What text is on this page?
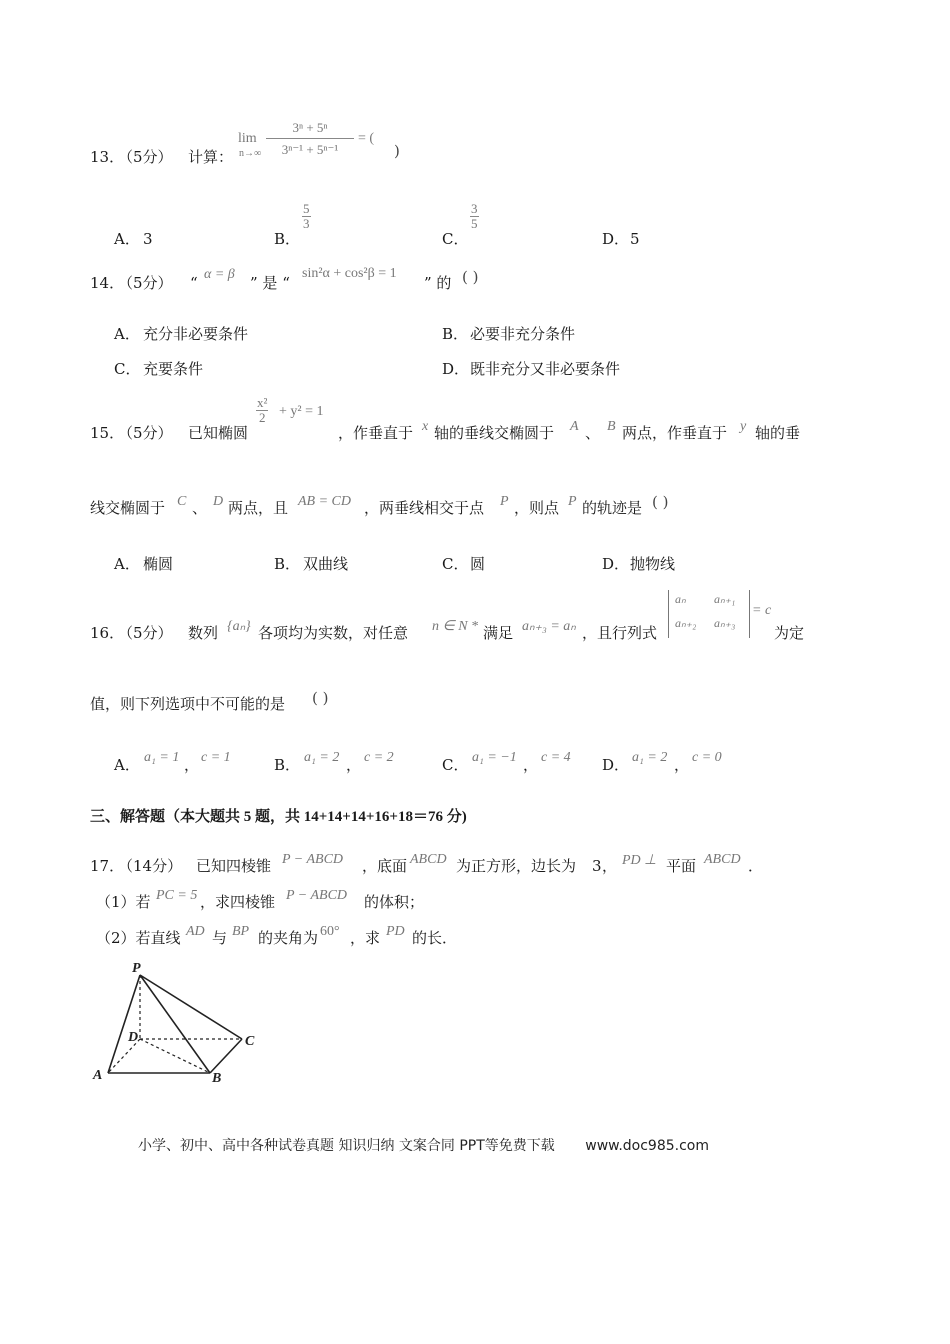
13．
（5分） 计算：
lim
n→∞
3ⁿ + 5ⁿ
3ⁿ⁻¹ + 5ⁿ⁻¹
= (
)
A． 3	B．
$\frac{5}{3}$
C．
$\frac{3}{5}$
D． 5
14．
（5分） “ α = β ” 是 “
sin²α + cos²β = 1
” 的 ( )
A． 充分非必要条件	B． 必要非充分条件
C． 充要条件	D． 既非充分又非必要条件
15．
（5分） 已知椭圆
$\frac{\text{x²}}{2} + y^2 = 1$
，作垂直于 x 轴的垂线交椭圆于 A 、 B 两点，作垂直于 y 轴的垂
线交椭圆于 C 、 D 两点，且 AB = CD ，两垂线相交于点 P ，则点 P 的轨迹是 ( )
A． 椭圆	B． 双曲线	C． 圆	D． 抛物线
16．
（5分） 数列 {aₙ} 各项均为实数，对任意 n ∈ N * 满足 aₙ₊₃ = aₙ ，且行列式
aₙ aₙ₊₁
aₙ₊₂ aₙ₊₃
= c
为定
值，则下列选项中不可能的是 ( )
A． a₁ = 1 ， c = 1	B． a₁ = 2 ， c = 2	C． a₁ = −1 ， c = 4 D． a₁ = 2 ， c = 0
三、解答题（本大题共 5 题，共 14+14+14+16+18＝76 分)
17．
（14分） 已知四棱锥 P − ABCD ，底面 ABCD 为正方形，边长为 3 ， PD ⊥ 平面 ABCD ．
（1）若 PC = 5 ，求四棱锥 P − ABCD 的体积；
（2）若直线 AD 与 BP 的夹角为 60° ，求 PD 的长．
P
D	C
A	B
小学、初中、高中各种试卷真题 知识归纳 文案合同 PPT等免费下载 www.doc985.com
